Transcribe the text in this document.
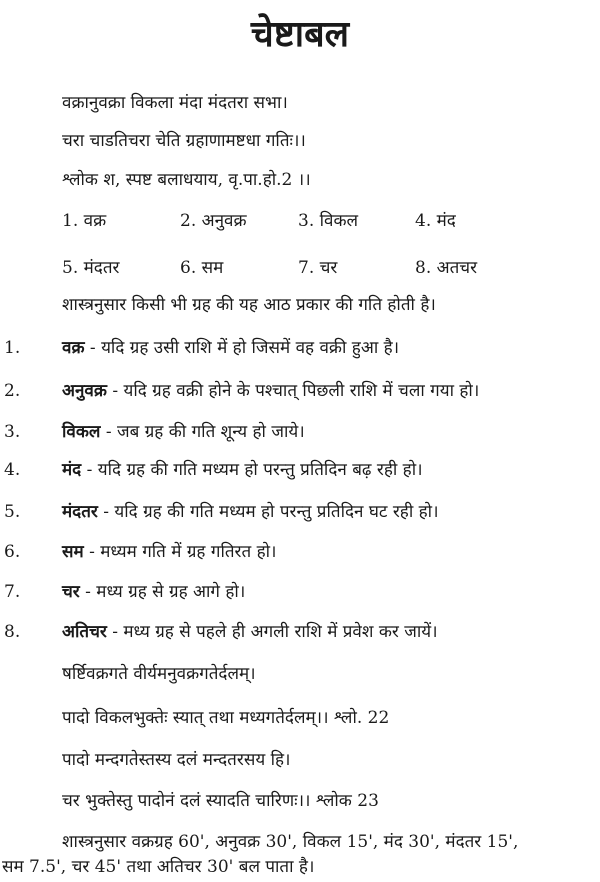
चेष्टाबल
वक्रानुवक्रा विकला मंदा मंदतरा सभा।
चरा चाडतिचरा चेति ग्रहाणामष्टधा गतिः।।
श्लोक श, स्पष्ट बलाधयाय, वृ.पा.हो.2 ।।
1. वक्र	2. अनुवक्र	3. विकल	4. मंद
5. मंदतर	6. सम	7. चर	8. अतचर
शास्त्रनुसार किसी भी ग्रह की यह आठ प्रकार की गति होती है।
1. वक्र - यदि ग्रह उसी राशि में हो जिसमें वह वक्री हुआ है।
2. अनुवक्र - यदि ग्रह वक्री होने के पश्चात् पिछली राशि में चला गया हो।
3. विकल - जब ग्रह की गति शून्य हो जाये।
4. मंद - यदि ग्रह की गति मध्यम हो परन्तु प्रतिदिन बढ़ रही हो।
5. मंदतर - यदि ग्रह की गति मध्यम हो परन्तु प्रतिदिन घट रही हो।
6. सम - मध्यम गति में ग्रह गतिरत हो।
7. चर - मध्य ग्रह से ग्रह आगे हो।
8. अतिचर - मध्य ग्रह से पहले ही अगली राशि में प्रवेश कर जायें।
षर्ष्टिवक्रगते वीर्यमनुवक्रगतेर्दलम्।
पादो विकलभुक्तेः स्यात् तथा मध्यगतेर्दलम्।। श्लो. 22
पादो मन्दगतेस्तस्य दलं मन्दतरसय हि।
चर भुक्तेस्तु पादोनं दलं स्यादति चारिणः।। श्लोक 23
शास्त्रनुसार वक्रग्रह 60', अनुवक्र 30', विकल 15', मंद 30', मंदतर 15',
सम 7.5', चर 45' तथा अतिचर 30' बल पाता है।
